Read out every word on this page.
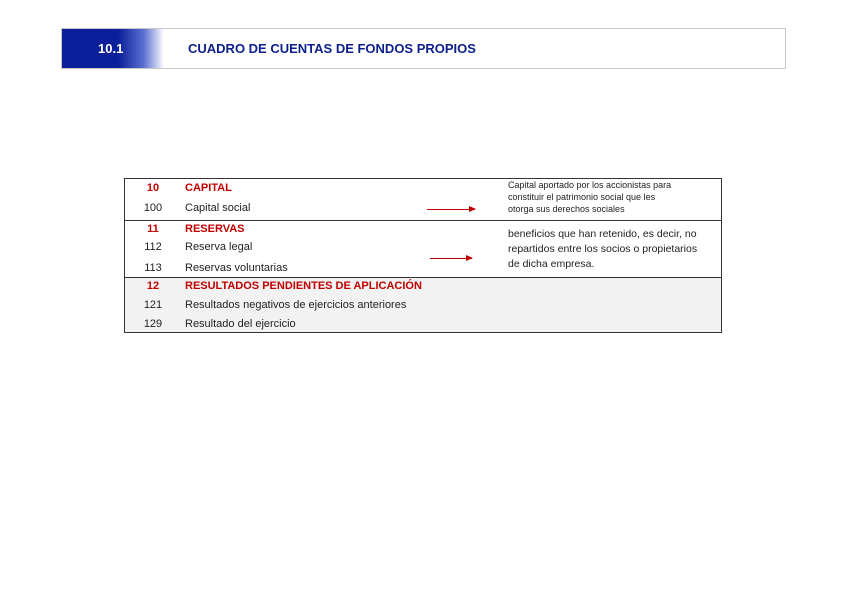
10.1	CUADRO DE CUENTAS DE FONDOS PROPIOS
10	CAPITAL
100	Capital social
Capital aportado por los accionistas para
constituir el patrimonio social que les
otorga sus derechos sociales
11	RESERVAS
112	Reserva legal
113	Reservas voluntarias
beneficios que han retenido, es decir, no
repartidos entre los socios o propietarios
de dicha empresa.
12	RESULTADOS PENDIENTES DE APLICACIÓN
121	Resultados negativos de ejercicios anteriores
129	Resultado del ejercicio
